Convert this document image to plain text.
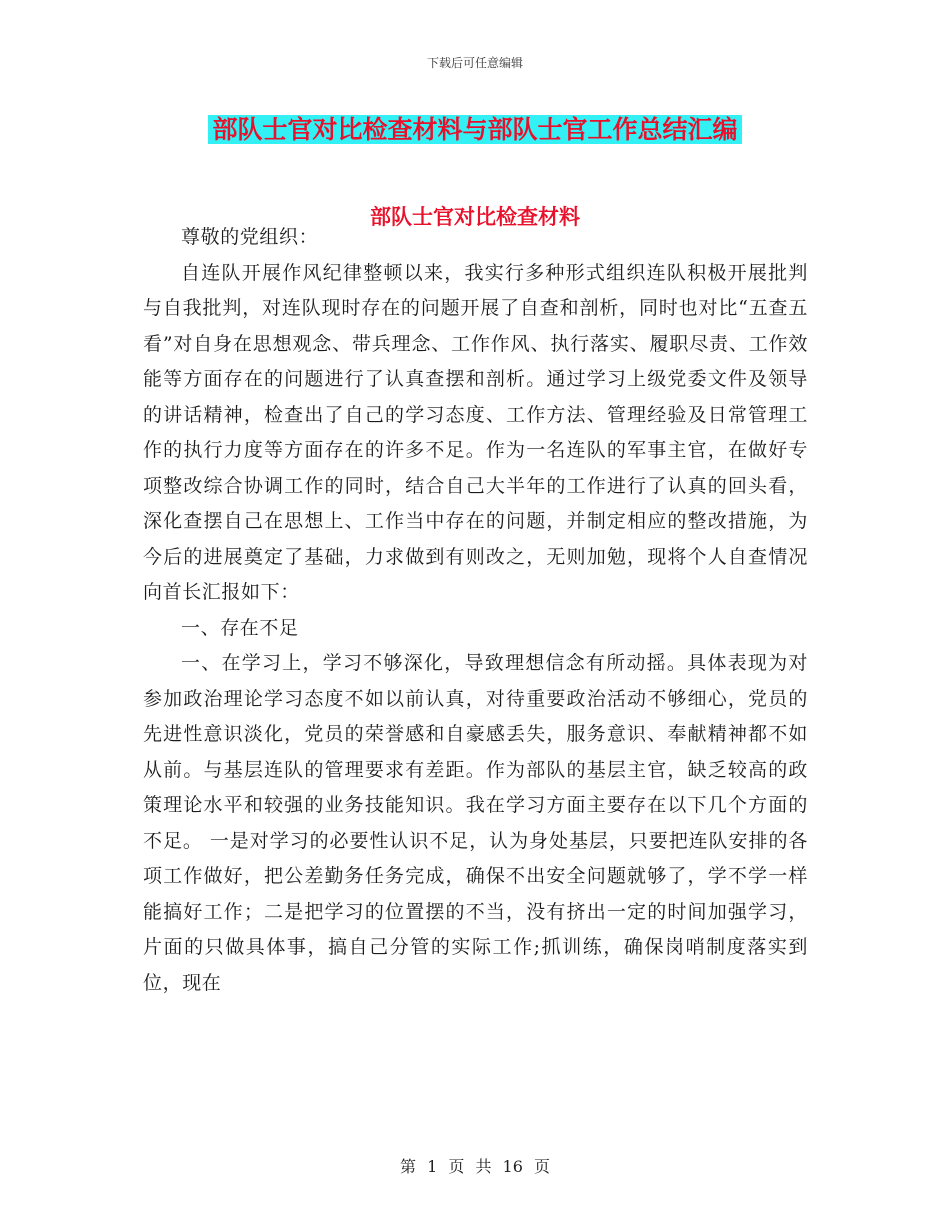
下载后可任意编辑
部队士官对比检查材料与部队士官工作总结汇编
部队士官对比检查材料

尊敬的党组织：

自连队开展作风纪律整顿以来，我实行多种形式组织连队积极开展批判与自我批判，对连队现时存在的问题开展了自查和剖析，同时也对比“五查五看”对自身在思想观念、带兵理念、工作作风、执行落实、履职尽责、工作效能等方面存在的问题进行了认真查摆和剖析。通过学习上级党委文件及领导的讲话精神，检查出了自己的学习态度、工作方法、管理经验及日常管理工作的执行力度等方面存在的许多不足。作为一名连队的军事主官，在做好专项整改综合协调工作的同时，结合自己大半年的工作进行了认真的回头看，深化查摆自己在思想上、工作当中存在的问题，并制定相应的整改措施，为今后的进展奠定了基础，力求做到有则改之，无则加勉，现将个人自查情况向首长汇报如下：

一、存在不足

一、在学习上，学习不够深化，导致理想信念有所动摇。具体表现为对参加政治理论学习态度不如以前认真，对待重要政治活动不够细心，党员的先进性意识淡化，党员的荣誉感和自豪感丢失，服务意识、奉献精神都不如从前。与基层连队的管理要求有差距。作为部队的基层主官，缺乏较高的政策理论水平和较强的业务技能知识。我在学习方面主要存在以下几个方面的不足。 一是对学习的必要性认识不足，认为身处基层，只要把连队安排的各项工作做好，把公差勤务任务完成，确保不出安全问题就够了，学不学一样能搞好工作；二是把学习的位置摆的不当，没有挤出一定的时间加强学习，片面的只做具体事，搞自己分管的实际工作;抓训练，确保岗哨制度落实到位，现在

第 1 页 共 16 页
